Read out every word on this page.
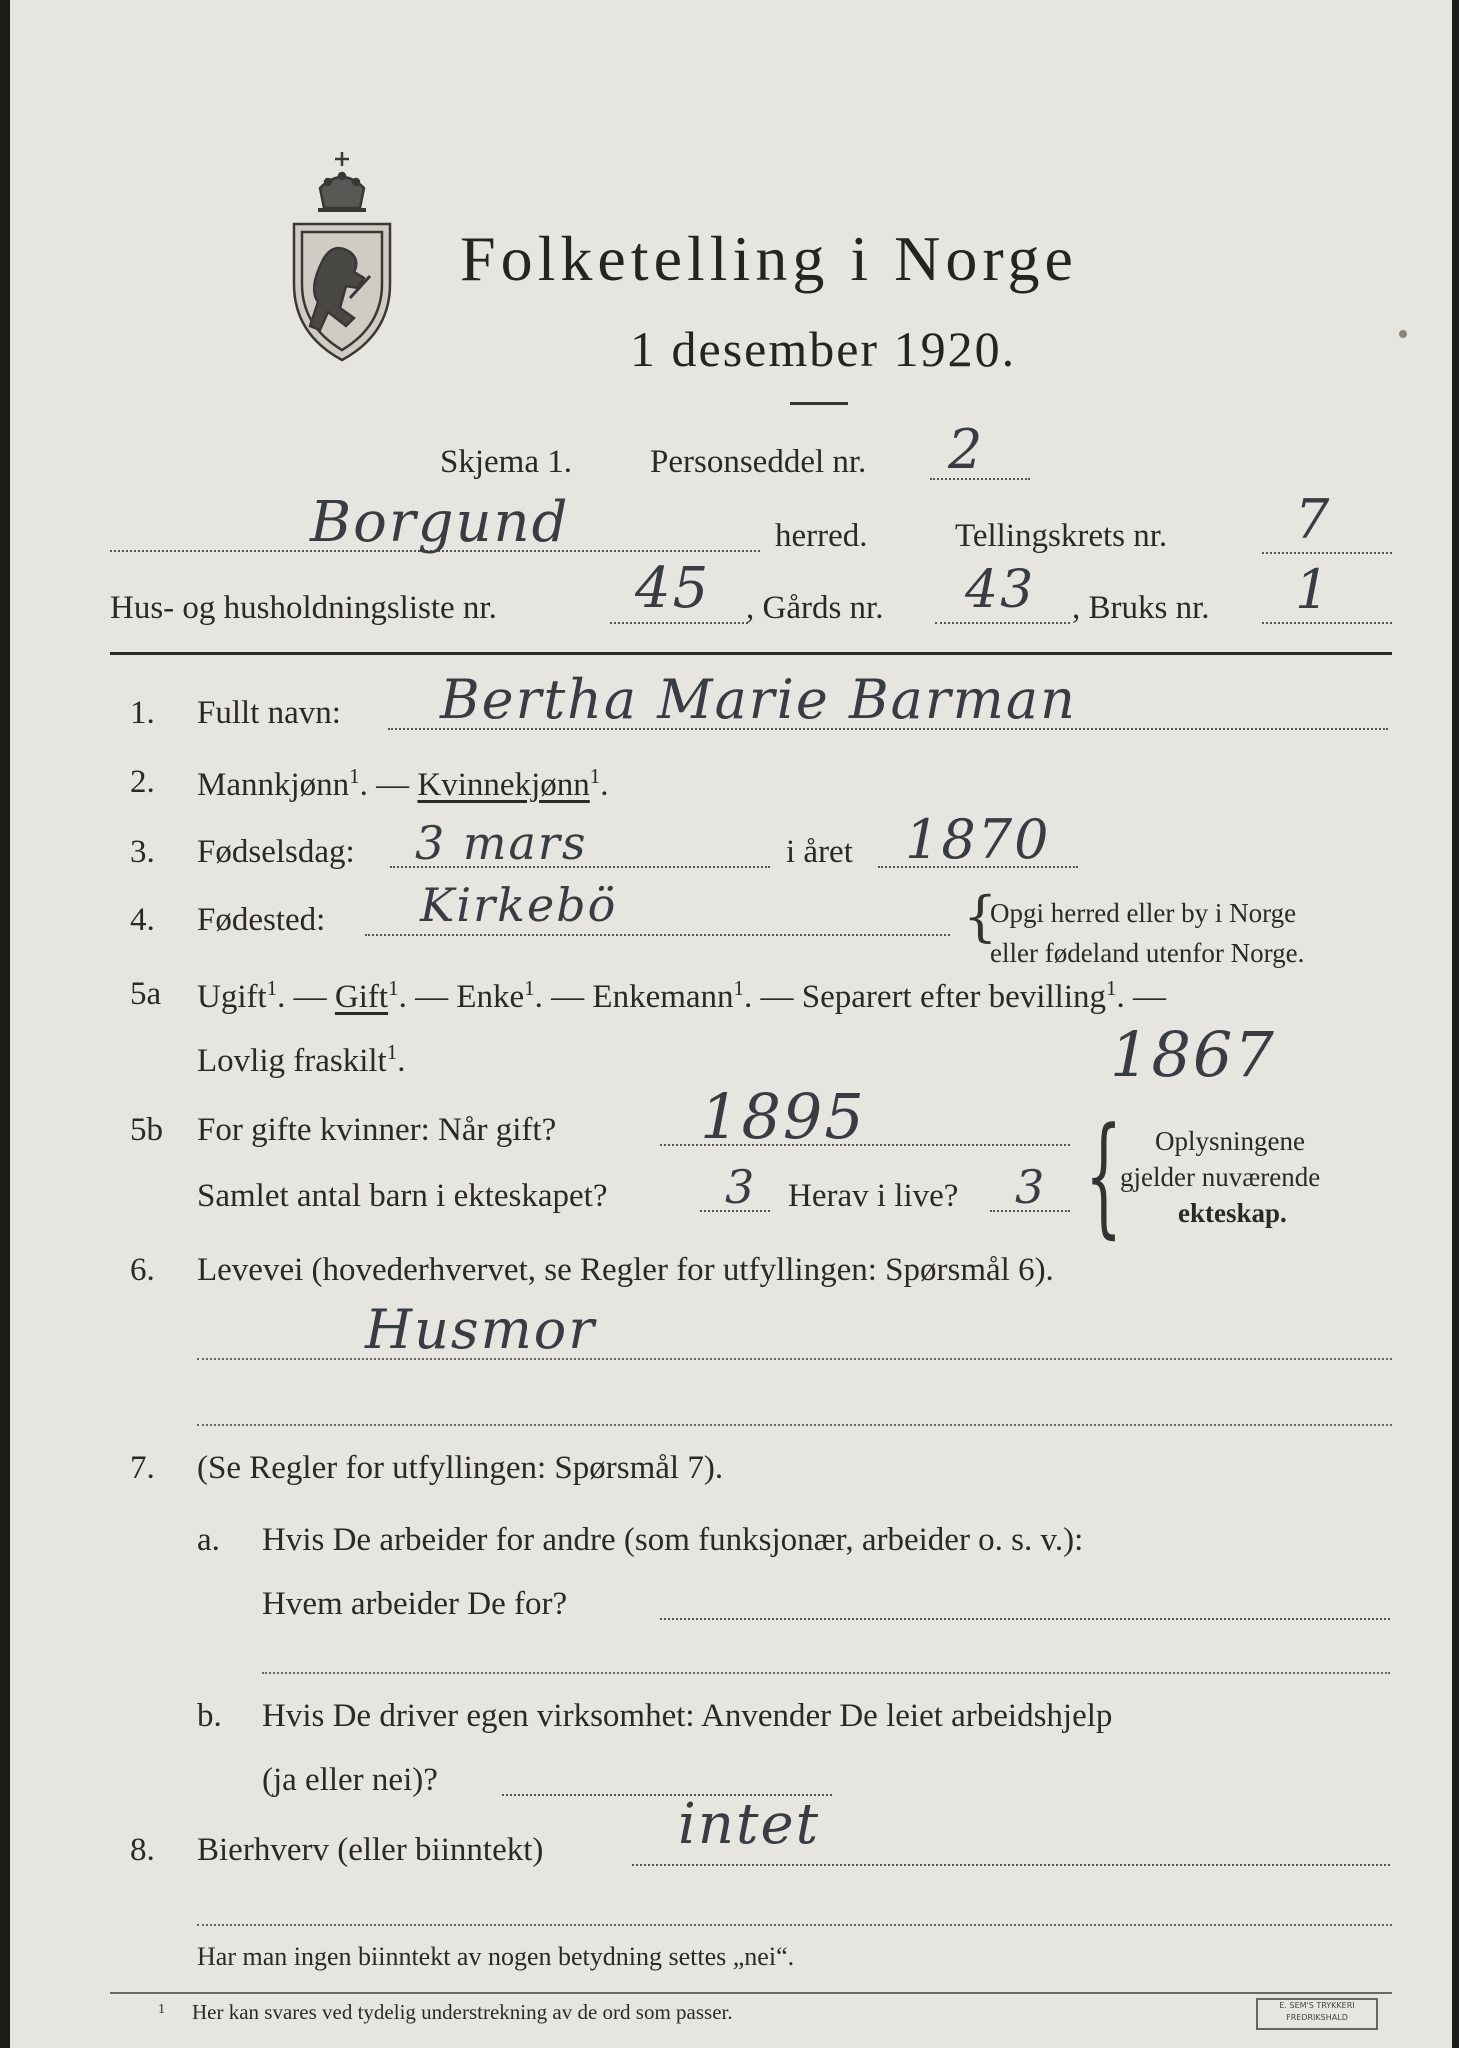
Folketelling i Norge
1 desember 1920.
Skjema 1. Personseddel nr. 2
Borgund	herred.	Tellingskrets nr. 7
Hus- og husholdningsliste nr. 45 , Gårds nr. 43 , Bruks nr. 1
1. Fullt navn: Bertha Marie Barman
2. Mannkjønn$^1$. — Kvinnekjønn$^1$.
3. Fødselsdag: 3 mars	i året 1870
4. Fødested: Kirkebö	{
Opgi herred eller by i Norge
eller fødeland utenfor Norge.
5a Ugift$^1$. — Gift$^1$. — Enke$^1$. — Enkemann$^1$. — Separert efter bevilling$^1$. —
Lovlig fraskilt$^1$.	1867
5b For gifte kvinner: Når gift? 1895
Samlet antal barn i ekteskapet?	3 Herav i live? 3 { Oplysningene
gjelder nuværende
ekteskap.
6. Levevei (hovederhvervet, se Regler for utfyllingen: Spørsmål 6).
Husmor
7. (Se Regler for utfyllingen: Spørsmål 7).
a. Hvis De arbeider for andre (som funksjonær, arbeider o. s. v.):
Hvem arbeider De for?
b. Hvis De driver egen virksomhet: Anvender De leiet arbeidshjelp
(ja eller nei)?
8. Bierhverv (eller biinntekt) intet
Har man ingen biinntekt av nogen betydning settes „nei“.
1 Her kan svares ved tydelig understrekning av de ord som passer.	E. SEM'S TRYKKERI
FREDRIKSHALD
